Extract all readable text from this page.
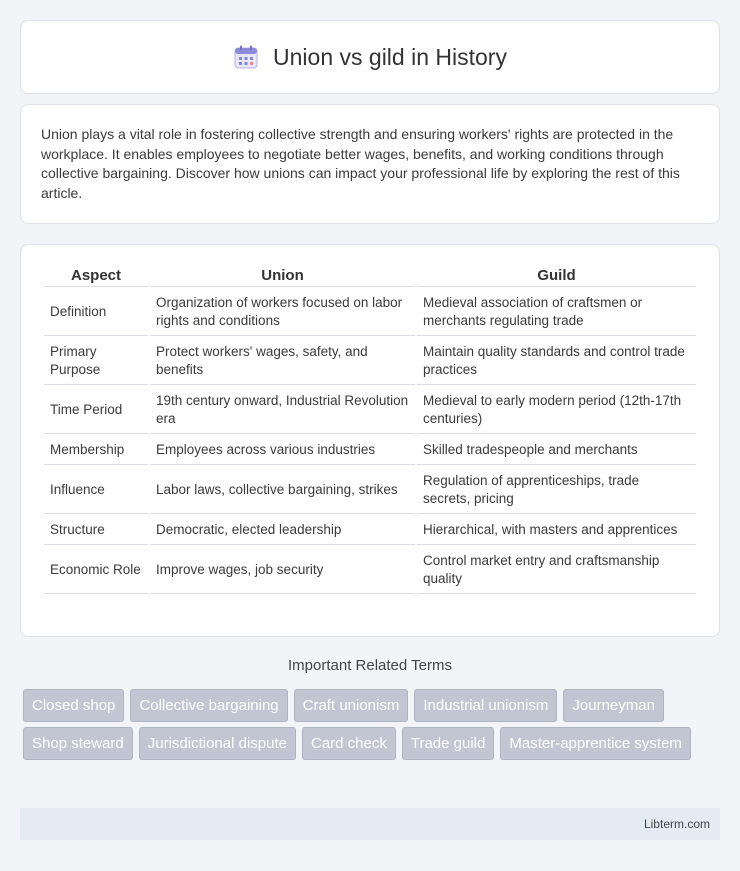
Union vs gild in History

Union plays a vital role in fostering collective strength and ensuring workers' rights are protected in the workplace. It enables employees to negotiate better wages, benefits, and working conditions through collective bargaining. Discover how unions can impact your professional life by exploring the rest of this article.

Aspect	Union	Guild
Definition	Organization of workers focused on labor rights and conditions	Medieval association of craftsmen or merchants regulating trade
Primary Purpose	Protect workers' wages, safety, and benefits	Maintain quality standards and control trade practices
Time Period	19th century onward, Industrial Revolution era	Medieval to early modern period (12th-17th centuries)
Membership	Employees across various industries	Skilled tradespeople and merchants
Influence	Labor laws, collective bargaining, strikes	Regulation of apprenticeships, trade secrets, pricing
Structure	Democratic, elected leadership	Hierarchical, with masters and apprentices
Economic Role	Improve wages, job security	Control market entry and craftsmanship quality
Important Related Terms
Closed shop	Collective bargaining	Craft unionism	Industrial unionism	Journeyman
Shop steward	Jurisdictional dispute	Card check	Trade guild	Master-apprentice system
Libterm.com
